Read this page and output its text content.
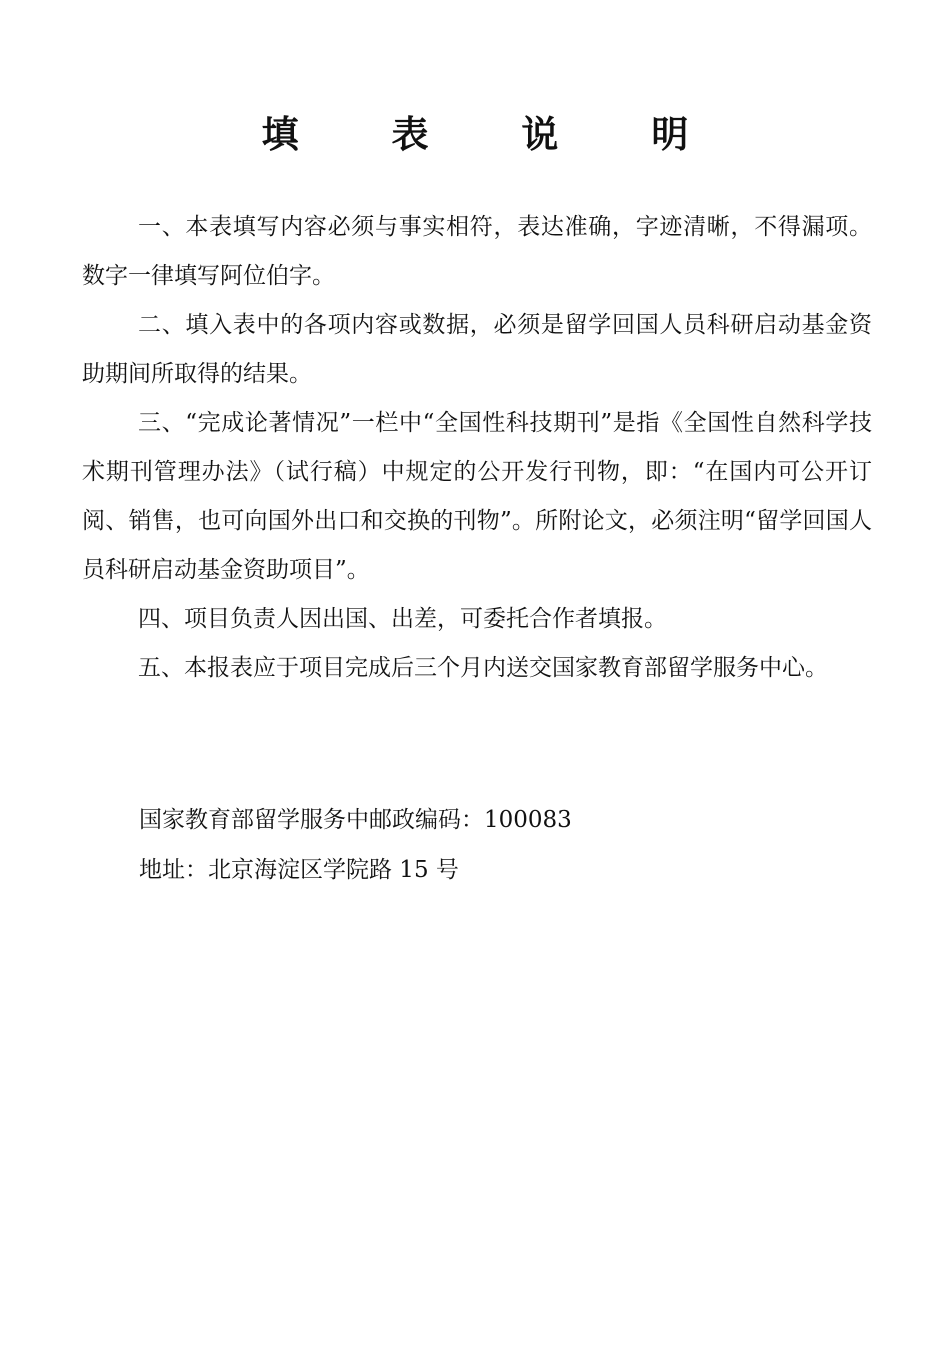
填 表 说 明

一、本表填写内容必须与事实相符，表达准确，字迹清晰，不得漏项。数字一律填写阿位伯字。

二、填入表中的各项内容或数据，必须是留学回国人员科研启动基金资助期间所取得的结果。

三、“完成论著情况”一栏中“全国性科技期刊”是指《全国性自然科学技术期刊管理办法》（试行稿）中规定的公开发行刊物，即：“在国内可公开订阅、销售，也可向国外出口和交换的刊物”。所附论文，必须注明“留学回国人员科研启动基金资助项目”。

四、项目负责人因出国、出差，可委托合作者填报。

五、本报表应于项目完成后三个月内送交国家教育部留学服务中心。

国家教育部留学服务中邮政编码：100083

地址：北京海淀区学院路 15 号
